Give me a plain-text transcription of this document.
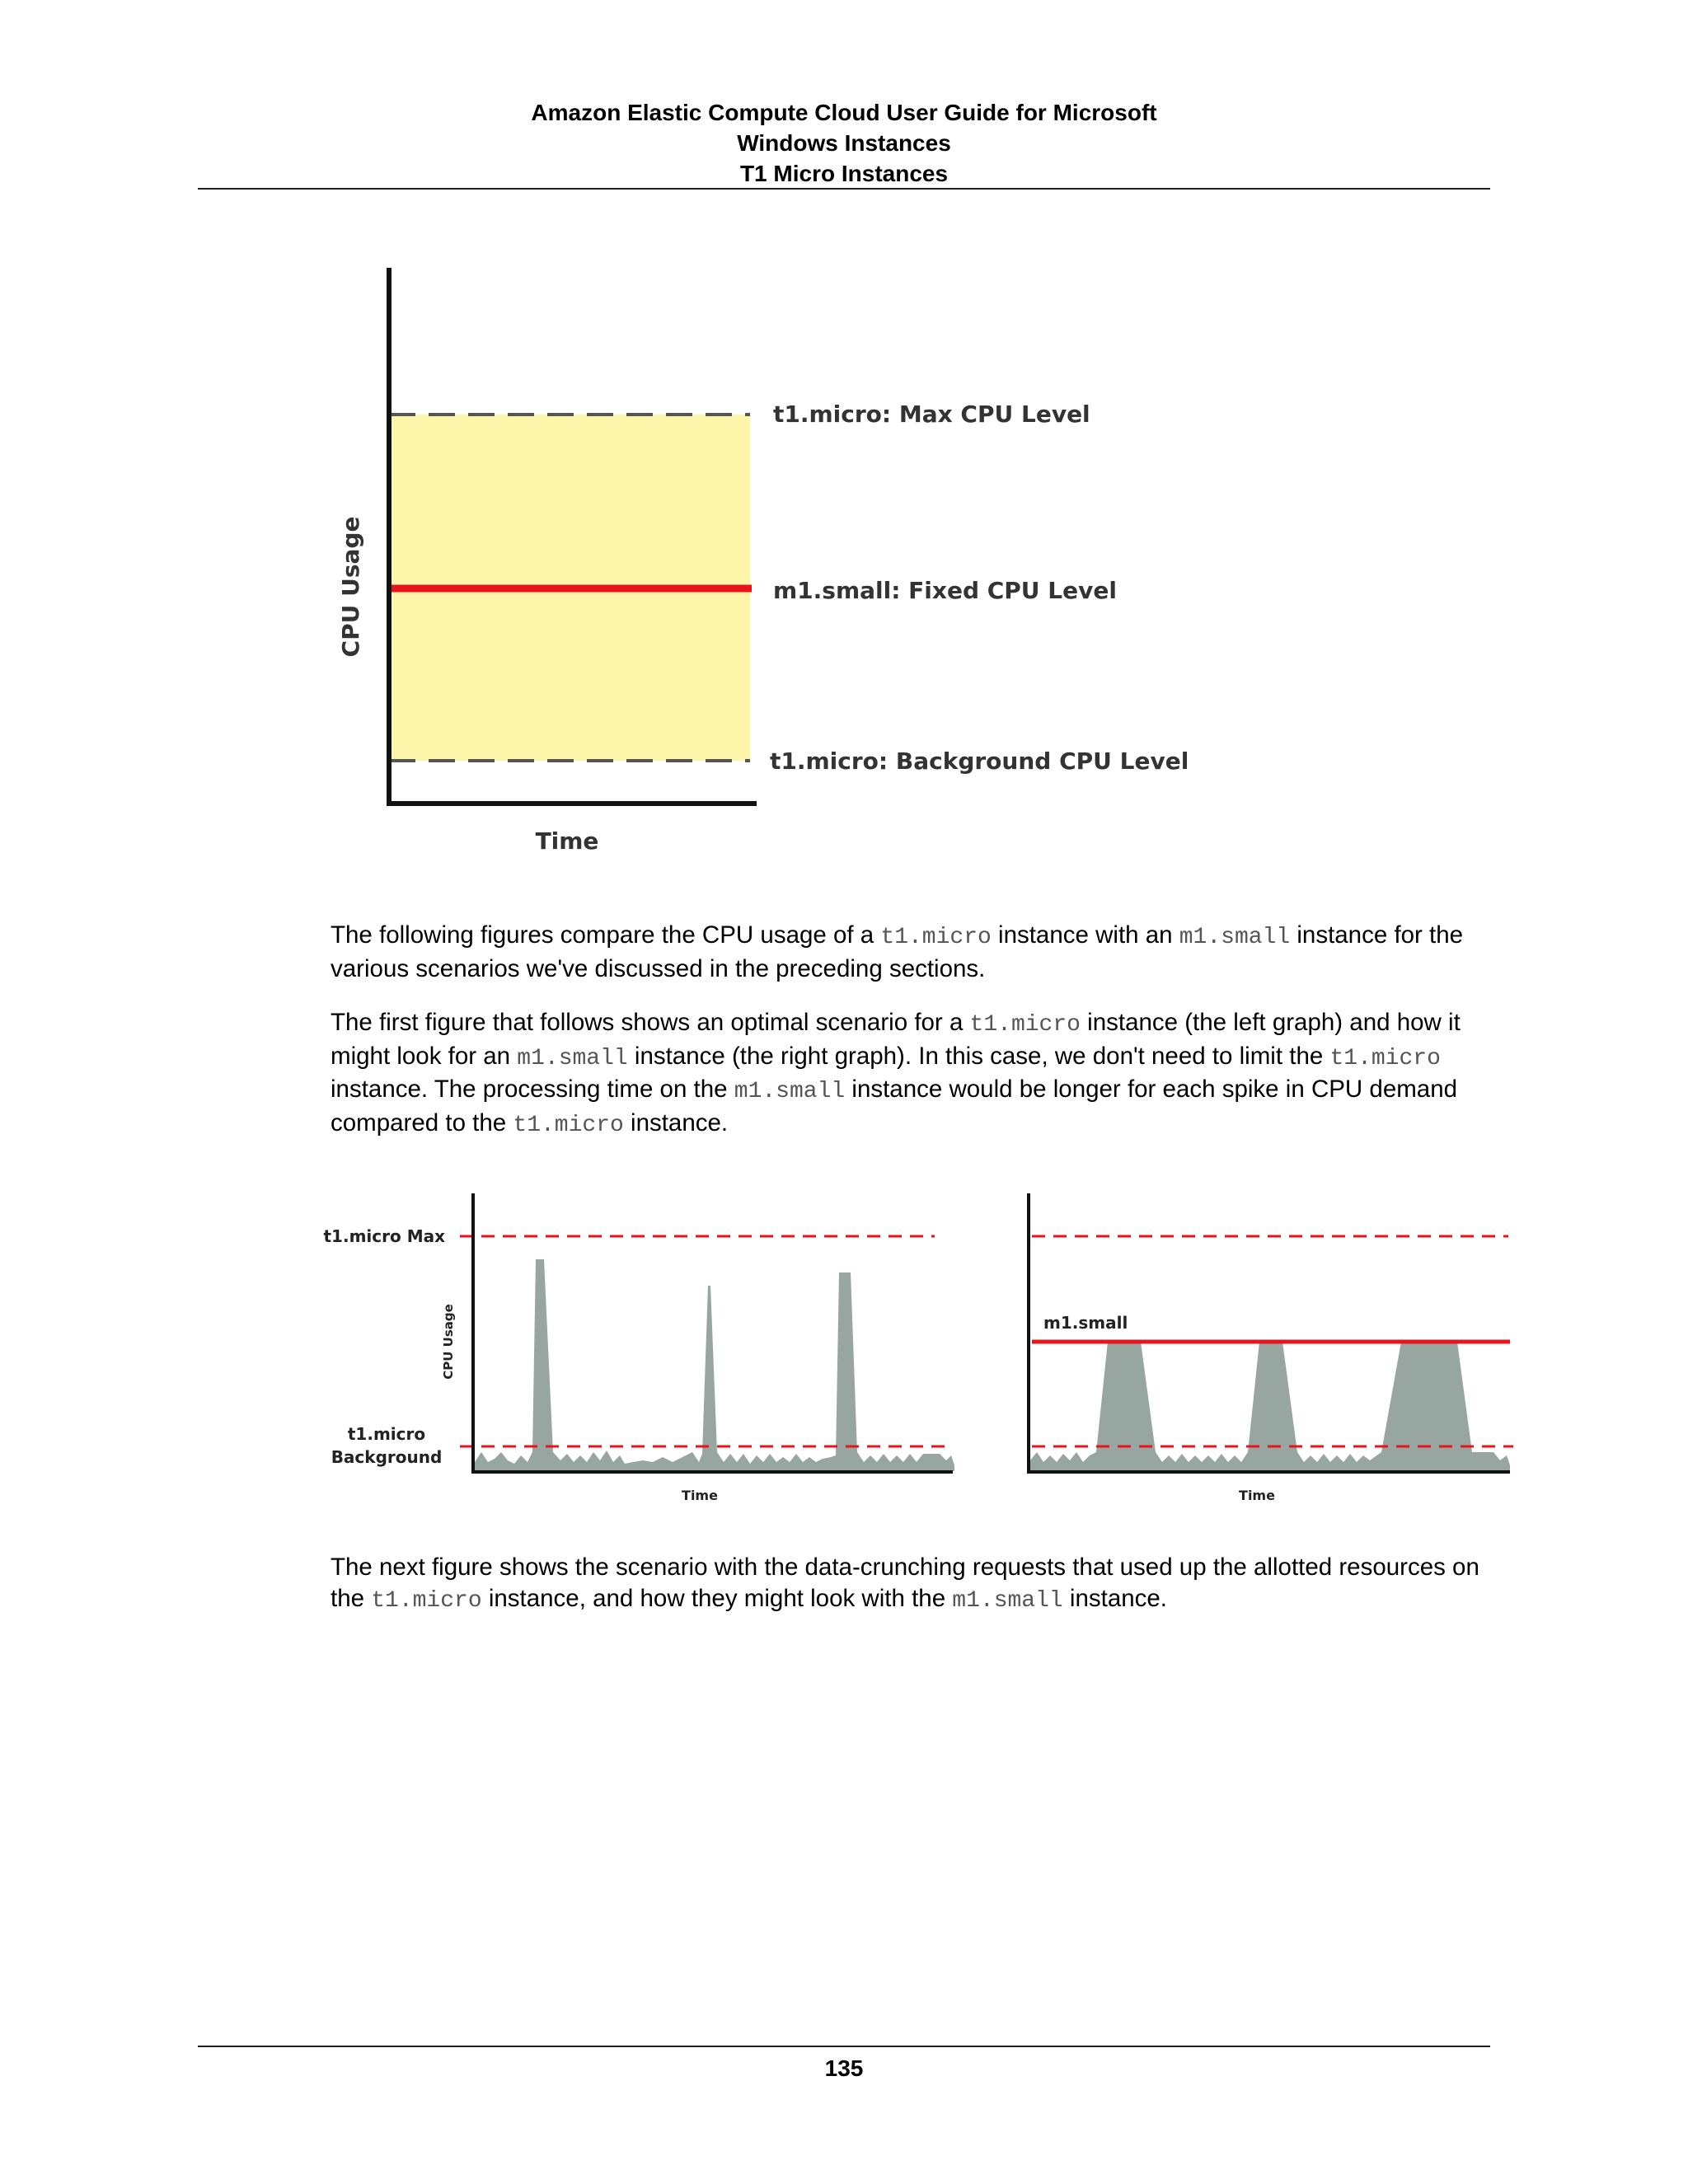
Amazon Elastic Compute Cloud User Guide for Microsoft
Windows Instances
T1 Micro Instances
t1.micro: Max CPU Level
m1.small: Fixed CPU Level
t1.micro: Background CPU Level
CPU Usage
Time

The following figures compare the CPU usage of a t1.micro instance with an m1.small instance for the various scenarios we've discussed in the preceding sections.

The first figure that follows shows an optimal scenario for a t1.micro instance (the left graph) and how it might look for an m1.small instance (the right graph). In this case, we don't need to limit the t1.micro instance. The processing time on the m1.small instance would be longer for each spike in CPU demand compared to the t1.micro instance.

t1.micro Max
CPU Usage
t1.micro
Background
Time
m1.small
Time

The next figure shows the scenario with the data-crunching requests that used up the allotted resources on the t1.micro instance, and how they might look with the m1.small instance.

135
